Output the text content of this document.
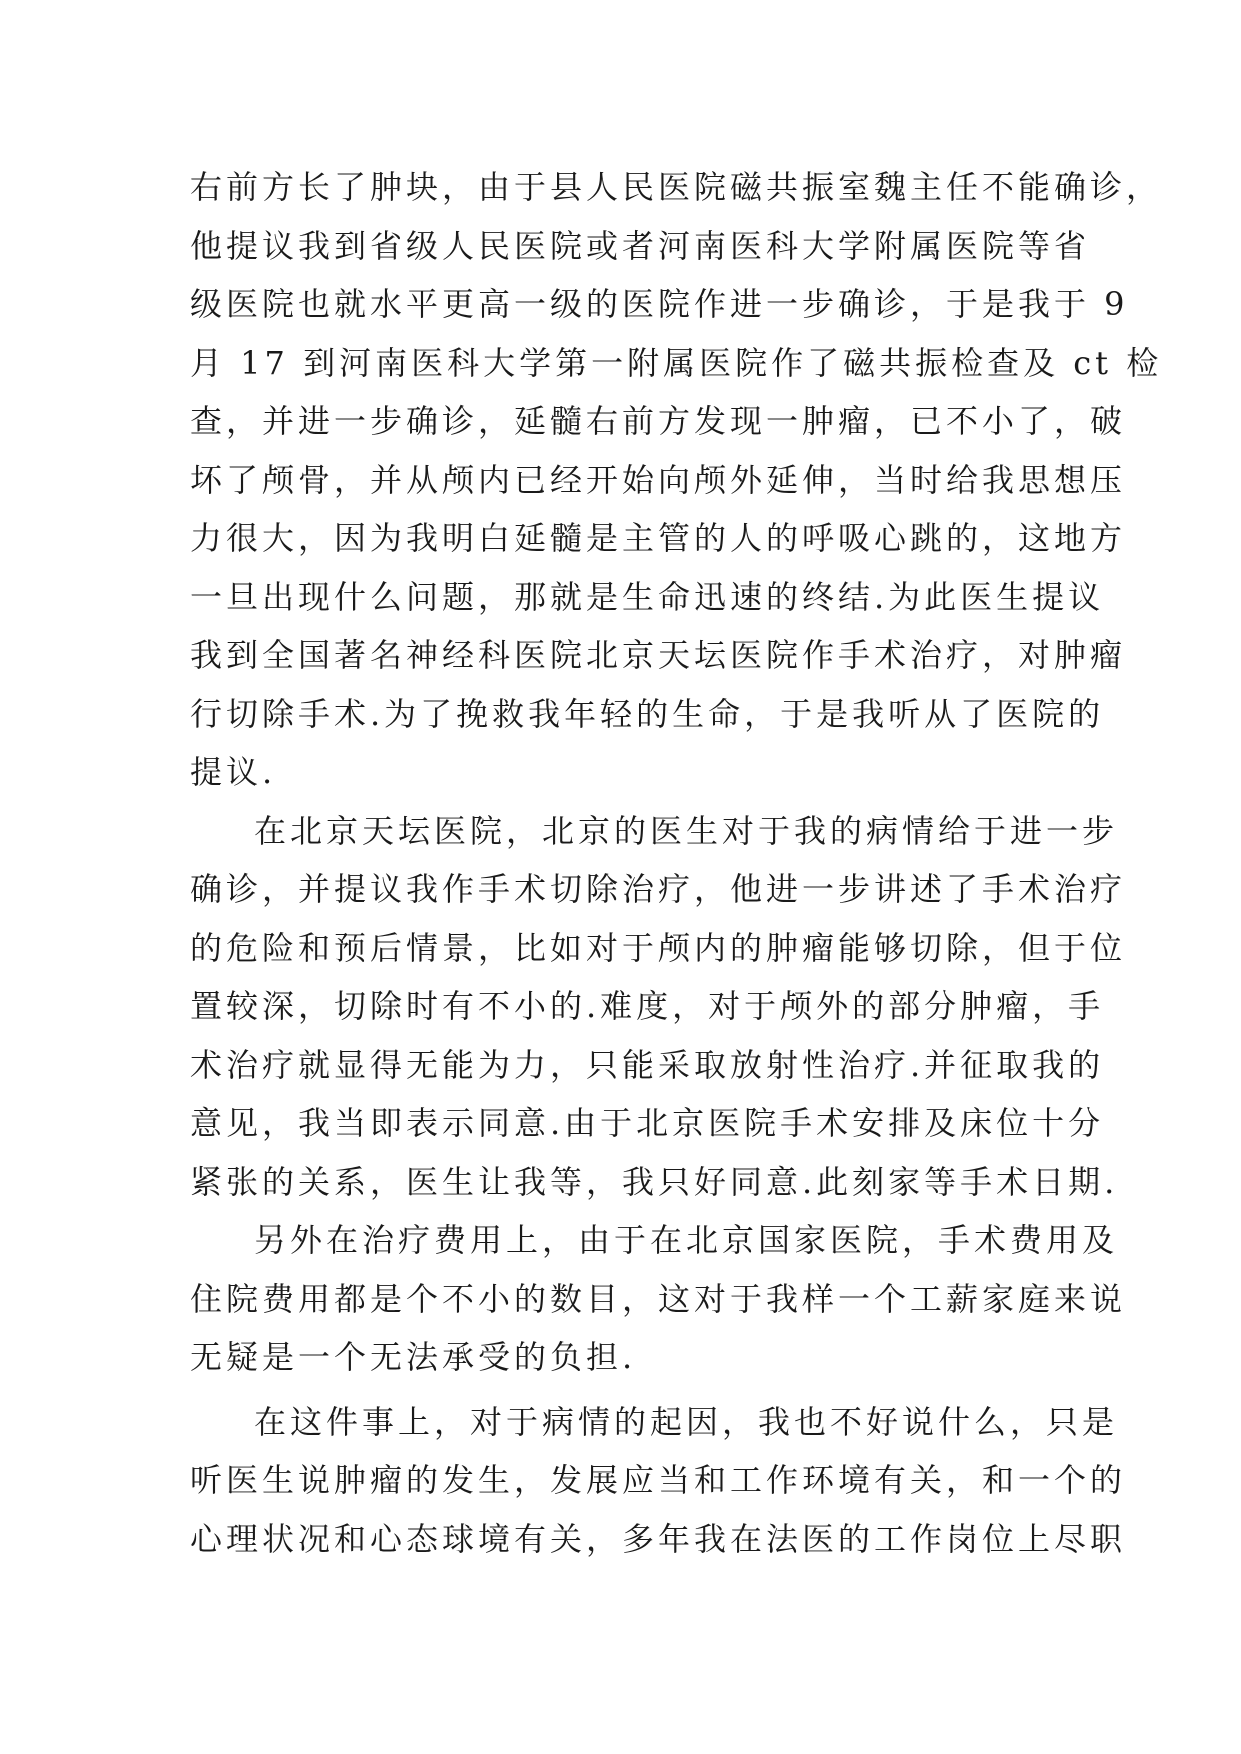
右前方长了肿块，由于县人民医院磁共振室魏主任不能确诊，
他提议我到省级人民医院或者河南医科大学附属医院等省
级医院也就水平更高一级的医院作进一步确诊，于是我于 9
月 17 到河南医科大学第一附属医院作了磁共振检查及 ct 检
查，并进一步确诊，延髓右前方发现一肿瘤，已不小了，破
坏了颅骨，并从颅内已经开始向颅外延伸，当时给我思想压
力很大，因为我明白延髓是主管的人的呼吸心跳的，这地方
一旦出现什么问题，那就是生命迅速的终结.为此医生提议
我到全国著名神经科医院北京天坛医院作手术治疗，对肿瘤
行切除手术.为了挽救我年轻的生命，于是我听从了医院的
提议.
在北京天坛医院，北京的医生对于我的病情给于进一步
确诊，并提议我作手术切除治疗，他进一步讲述了手术治疗
的危险和预后情景，比如对于颅内的肿瘤能够切除，但于位
置较深，切除时有不小的.难度，对于颅外的部分肿瘤，手
术治疗就显得无能为力，只能采取放射性治疗.并征取我的
意见，我当即表示同意.由于北京医院手术安排及床位十分
紧张的关系，医生让我等，我只好同意.此刻家等手术日期.
另外在治疗费用上，由于在北京国家医院，手术费用及
住院费用都是个不小的数目，这对于我样一个工薪家庭来说
无疑是一个无法承受的负担.
在这件事上，对于病情的起因，我也不好说什么，只是
听医生说肿瘤的发生，发展应当和工作环境有关，和一个的
心理状况和心态球境有关，多年我在法医的工作岗位上尽职
